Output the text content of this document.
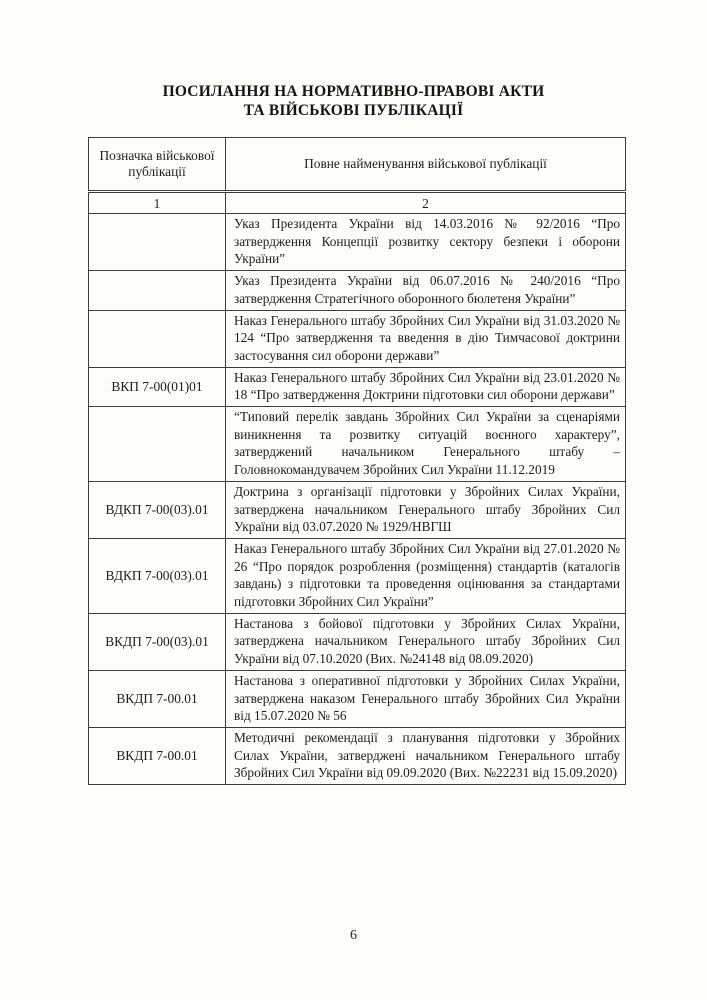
ПОСИЛАННЯ НА НОРМАТИВНО-ПРАВОВІ АКТИ
ТА ВІЙСЬКОВІ ПУБЛІКАЦІЇ
Позначка військової публікації	Повне найменування військової публікації
1	2
	Указ Президента України від 14.03.2016 № 92/2016 “Про затвердження Концепції розвитку сектору безпеки і оборони України”
	Указ Президента України від 06.07.2016 № 240/2016 “Про затвердження Стратегічного оборонного бюлетеня України”
	Наказ Генерального штабу Збройних Сил України від 31.03.2020 № 124 “Про затвердження та введення в дію Тимчасової доктрини застосування сил оборони держави”
ВКП 7-00(01)01	Наказ Генерального штабу Збройних Сил України від 23.01.2020 № 18 “Про затвердження Доктрини підготовки сил оборони держави”
	“Типовий перелік завдань Збройних Сил України за сценаріями виникнення та розвитку ситуацій воєнного характеру”, затверджений начальником Генерального штабу – Головнокомандувачем Збройних Сил України 11.12.2019
ВДКП 7-00(03).01	Доктрина з організації підготовки у Збройних Силах України, затверджена начальником Генерального штабу Збройних Сил України від 03.07.2020 № 1929/НВГШ
ВДКП 7-00(03).01	Наказ Генерального штабу Збройних Сил України від 27.01.2020 № 26 “Про порядок розроблення (розміщення) стандартів (каталогів завдань) з підготовки та проведення оцінювання за стандартами підготовки Збройних Сил України”
ВКДП 7-00(03).01	Настанова з бойової підготовки у Збройних Силах України, затверджена начальником Генерального штабу Збройних Сил України від 07.10.2020 (Вих. №24148 від 08.09.2020)
ВКДП 7-00.01	Настанова з оперативної підготовки у Збройних Силах України, затверджена наказом Генерального штабу Збройних Сил України від 15.07.2020 № 56
ВКДП 7-00.01	Методичні рекомендації з планування підготовки у Збройних Силах України, затверджені начальником Генерального штабу Збройних Сил України від 09.09.2020 (Вих. №22231 від 15.09.2020)
6
